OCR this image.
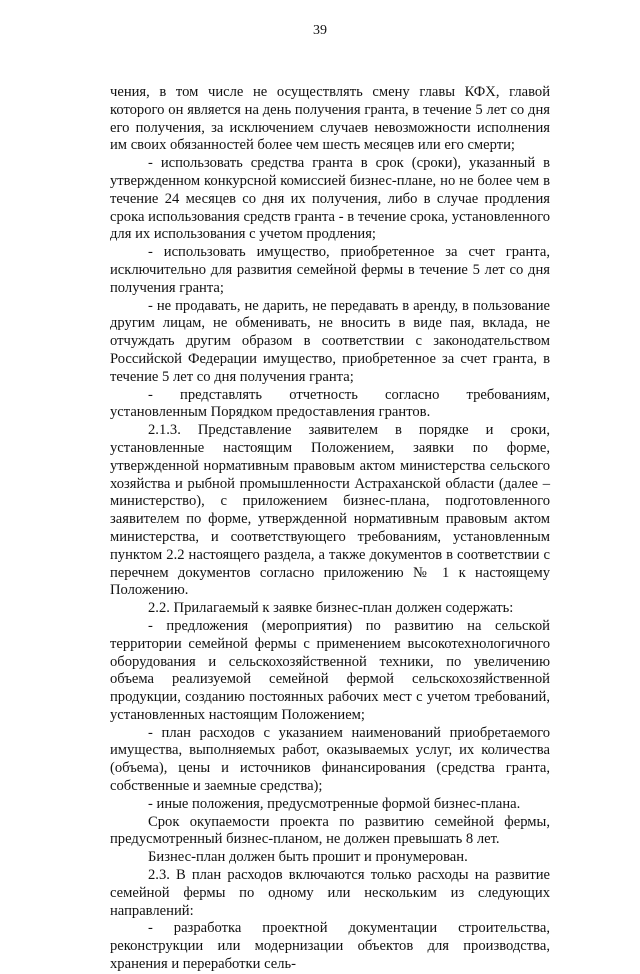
39

чения, в том числе не осуществлять смену главы КФХ, главой которого он является на день получения гранта, в течение 5 лет со дня его получения, за исключением случаев невозможности исполнения им своих обязанностей более чем шесть месяцев или его смерти;

- использовать средства гранта в срок (сроки), указанный в утвержденном конкурсной комиссией бизнес-плане, но не более чем в течение 24 месяцев со дня их получения, либо в случае продления срока использования средств гранта - в течение срока, установленного для их использования с учетом продления;

- использовать имущество, приобретенное за счет гранта, исключительно для развития семейной фермы в течение 5 лет со дня получения гранта;

- не продавать, не дарить, не передавать в аренду, в пользование другим лицам, не обменивать, не вносить в виде пая, вклада, не отчуждать другим образом в соответствии с законодательством Российской Федерации имущество, приобретенное за счет гранта, в течение 5 лет со дня получения гранта;

- представлять отчетность согласно требованиям, установленным Порядком предоставления грантов.

2.1.3. Представление заявителем в порядке и сроки, установленные настоящим Положением, заявки по форме, утвержденной нормативным правовым актом министерства сельского хозяйства и рыбной промышленности Астраханской области (далее – министерство), с приложением бизнес-плана, подготовленного заявителем по форме, утвержденной нормативным правовым актом министерства, и соответствующего требованиям, установленным пунктом 2.2 настоящего раздела, а также документов в соответствии с перечнем документов согласно приложению № 1 к настоящему Положению.

2.2. Прилагаемый к заявке бизнес-план должен содержать:

- предложения (мероприятия) по развитию на сельской территории семейной фермы с применением высокотехнологичного оборудования и сельскохозяйственной техники, по увеличению объема реализуемой семейной фермой сельскохозяйственной продукции, созданию постоянных рабочих мест с учетом требований, установленных настоящим Положением;

- план расходов с указанием наименований приобретаемого имущества, выполняемых работ, оказываемых услуг, их количества (объема), цены и источников финансирования (средства гранта, собственные и заемные средства);

- иные положения, предусмотренные формой бизнес-плана.

Срок окупаемости проекта по развитию семейной фермы, предусмотренный бизнес-планом, не должен превышать 8 лет.

Бизнес-план должен быть прошит и пронумерован.

2.3. В план расходов включаются только расходы на развитие семейной фермы по одному или нескольким из следующих направлений:

- разработка проектной документации строительства, реконструкции или модернизации объектов для производства, хранения и переработки сель-
